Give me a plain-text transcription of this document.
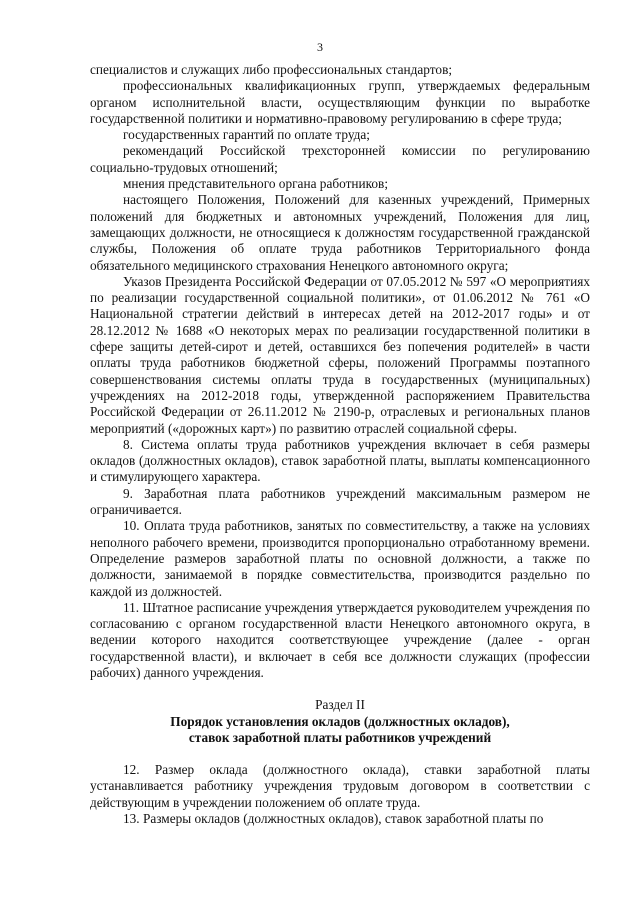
3

специалистов и служащих либо профессиональных стандартов;

профессиональных квалификационных групп, утверждаемых федеральным органом исполнительной власти, осуществляющим функции по выработке государственной политики и нормативно-правовому регулированию в сфере труда;

государственных гарантий по оплате труда;

рекомендаций Российской трехсторонней комиссии по регулированию социально-трудовых отношений;

мнения представительного органа работников;

настоящего Положения, Положений для казенных учреждений, Примерных положений для бюджетных и автономных учреждений, Положения для лиц, замещающих должности, не относящиеся к должностям государственной гражданской службы, Положения об оплате труда работников Территориального фонда обязательного медицинского страхования Ненецкого автономного округа;

Указов Президента Российской Федерации от 07.05.2012 № 597 «О мероприятиях по реализации государственной социальной политики», от 01.06.2012 № 761 «О Национальной стратегии действий в интересах детей на 2012-2017 годы» и от 28.12.2012 № 1688 «О некоторых мерах по реализации государственной политики в сфере защиты детей-сирот и детей, оставшихся без попечения родителей» в части оплаты труда работников бюджетной сферы, положений Программы поэтапного совершенствования системы оплаты труда в государственных (муниципальных) учреждениях на 2012-2018 годы, утвержденной распоряжением Правительства Российской Федерации от 26.11.2012 № 2190-р, отраслевых и региональных планов мероприятий («дорожных карт») по развитию отраслей социальной сферы.

8. Система оплаты труда работников учреждения включает в себя размеры окладов (должностных окладов), ставок заработной платы, выплаты компенсационного и стимулирующего характера.

9. Заработная плата работников учреждений максимальным размером не ограничивается.

10. Оплата труда работников, занятых по совместительству, а также на условиях неполного рабочего времени, производится пропорционально отработанному времени. Определение размеров заработной платы по основной должности, а также по должности, занимаемой в порядке совместительства, производится раздельно по каждой из должностей.

11. Штатное расписание учреждения утверждается руководителем учреждения по согласованию с органом государственной власти Ненецкого автономного округа, в ведении которого находится соответствующее учреждение (далее - орган государственной власти), и включает в себя все должности служащих (профессии рабочих) данного учреждения.

Раздел II

Порядок установления окладов (должностных окладов),
ставок заработной платы работников учреждений

12. Размер оклада (должностного оклада), ставки заработной платы устанавливается работнику учреждения трудовым договором в соответствии с действующим в учреждении положением об оплате труда.

13. Размеры окладов (должностных окладов), ставок заработной платы по
